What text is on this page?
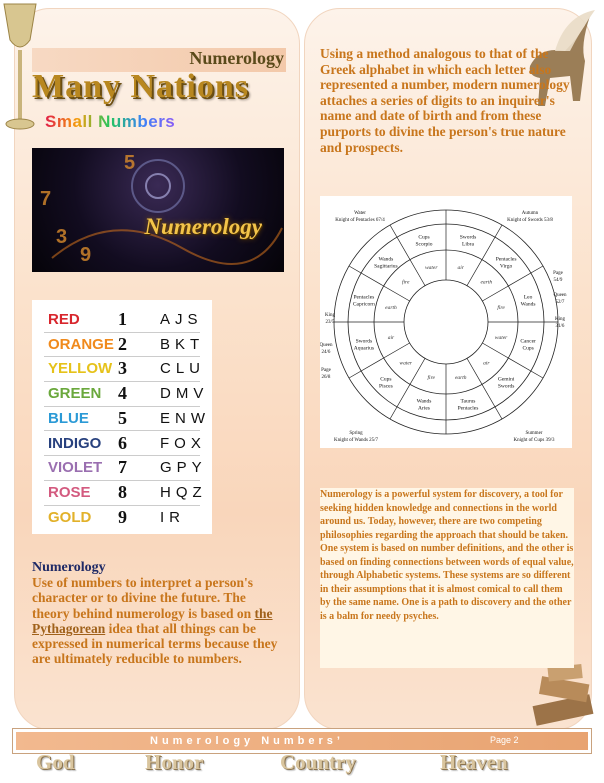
Numerology
Many Nations
Small Numbers
7
3
9
5
Numerology
RED 1 AJS
ORANGE 2 BKT
YELLOW 3 CLU
GREEN 4 DMV
BLUE 5 ENW
INDIGO 6 FOX
VIOLET 7 GPY
ROSE 8 HQZ
GOLD 9 IR
Numerology
Use of numbers to interpret a person's character or to divine the future. The theory behind numerology is based on the Pythagorean idea that all things can be expressed in numerical terms because they are ultimately reducible to numbers.
Using a method analogous to that of the Greek alphabet in which each letter also represented a number, modern numerology attaches a series of digits to an inquirer's name and date of birth and from these purports to divine the person's true nature and prospects.
Pentacles
Capricorn
Wands
Sagittarius
Cups
Scorpio
Swords
Libra
Pentacles
Virgo
Leo
Wands
Cancer
Cups
Gemini
Swords
Taurus
Pentacles
Wands
Aries
Cups
Pisces
Swords
Aquarius
earth
fire
water	air
earth
fire
water
air
earth
fire
water
air
Water
Knight of Pentacles 67/4
Autumn
Knight of Swords 53/8
King
23/5
Queen
24/6
Page
26/8
Spring
Knight of Wands 25/7
Summer
Knight of Cups 39/3
Page
54/9
Queen
52/7
King
31/6
Numerology is a powerful system for discovery, a tool for seeking hidden knowledge and connections in the world around us. Today, however, there are two competing philosophies regarding the approach that should be taken. One system is based on number definitions, and the other is based on finding connections between words of equal value, through Alphabetic systems. These systems are so different in their assumptions that it is almost comical to call them by the same name. One is a path to discovery and the other is a balm for needy psyches.
Numerology Numbers’	Page 2
God	Honor	Country	Heaven
